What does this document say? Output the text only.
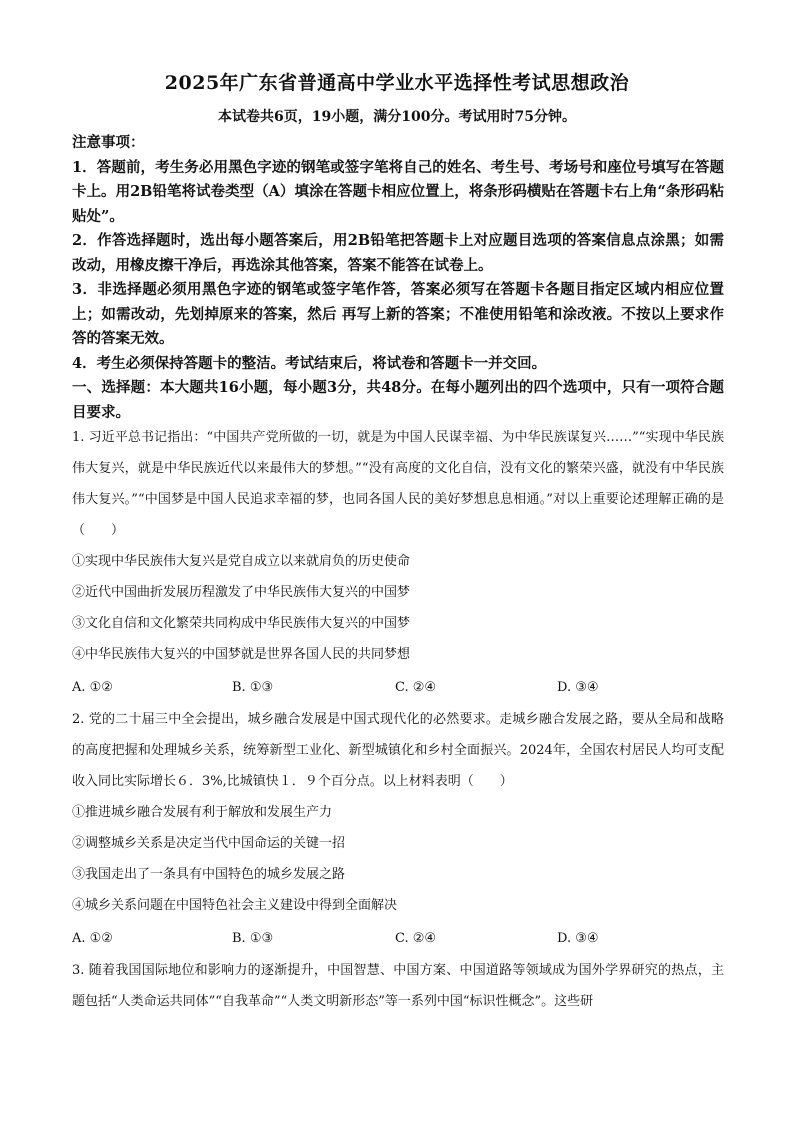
2025年广东省普通高中学业水平选择性考试思想政治
本试卷共6页，19小题，满分100分。考试用时75分钟。

注意事项：

1．答题前，考生务必用黑色字迹的钢笔或签字笔将自己的姓名、考生号、考场号和座位号填写在答题卡上。用2B铅笔将试卷类型（A）填涂在答题卡相应位置上，将条形码横贴在答题卡右上角“条形码粘贴处”。

2．作答选择题时，选出每小题答案后，用2B铅笔把答题卡上对应题目选项的答案信息点涂黑；如需改动，用橡皮擦干净后，再选涂其他答案，答案不能答在试卷上。

3．非选择题必须用黑色字迹的钢笔或签字笔作答，答案必须写在答题卡各题目指定区域内相应位置上；如需改动，先划掉原来的答案，然后 再写上新的答案；不准使用铅笔和涂改液。不按以上要求作答的答案无效。

4．考生必须保持答题卡的整洁。考试结束后，将试卷和答题卡一并交回。

一、选择题：本大题共16小题，每小题3分，共48分。在每小题列出的四个选项中，只有一项符合题目要求。

1. 习近平总书记指出：“中国共产党所做的一切，就是为中国人民谋幸福、为中华民族谋复兴……”“实现中华民族伟大复兴，就是中华民族近代以来最伟大的梦想。”“没有高度的文化自信，没有文化的繁荣兴盛，就没有中华民族伟大复兴。”“中国梦是中国人民追求幸福的梦，也同各国人民的美好梦想息息相通。”对以上重要论述理解正确的是（　　）

①实现中华民族伟大复兴是党自成立以来就肩负的历史使命

②近代中国曲折发展历程激发了中华民族伟大复兴的中国梦

③文化自信和文化繁荣共同构成中华民族伟大复兴的中国梦

④中华民族伟大复兴的中国梦就是世界各国人民的共同梦想

A. ①②	B. ①③	C. ②④	D. ③④

2. 党的二十届三中全会提出，城乡融合发展是中国式现代化的必然要求。走城乡融合发展之路，要从全局和战略的高度把握和处理城乡关系，统筹新型工业化、新型城镇化和乡村全面振兴。2024年，全国农村居民人均可支配收入同比实际增长６．3%,比城镇快１．９个百分点。以上材料表明（　　）

①推进城乡融合发展有利于解放和发展生产力

②调整城乡关系是决定当代中国命运的关键一招

③我国走出了一条具有中国特色的城乡发展之路

④城乡关系问题在中国特色社会主义建设中得到全面解决

A. ①②	B. ①③	C. ②④	D. ③④

3. 随着我国国际地位和影响力的逐渐提升，中国智慧、中国方案、中国道路等领域成为国外学界研究的热点，主题包括“人类命运共同体”“自我革命”“人类文明新形态”等一系列中国“标识性概念”。这些研
